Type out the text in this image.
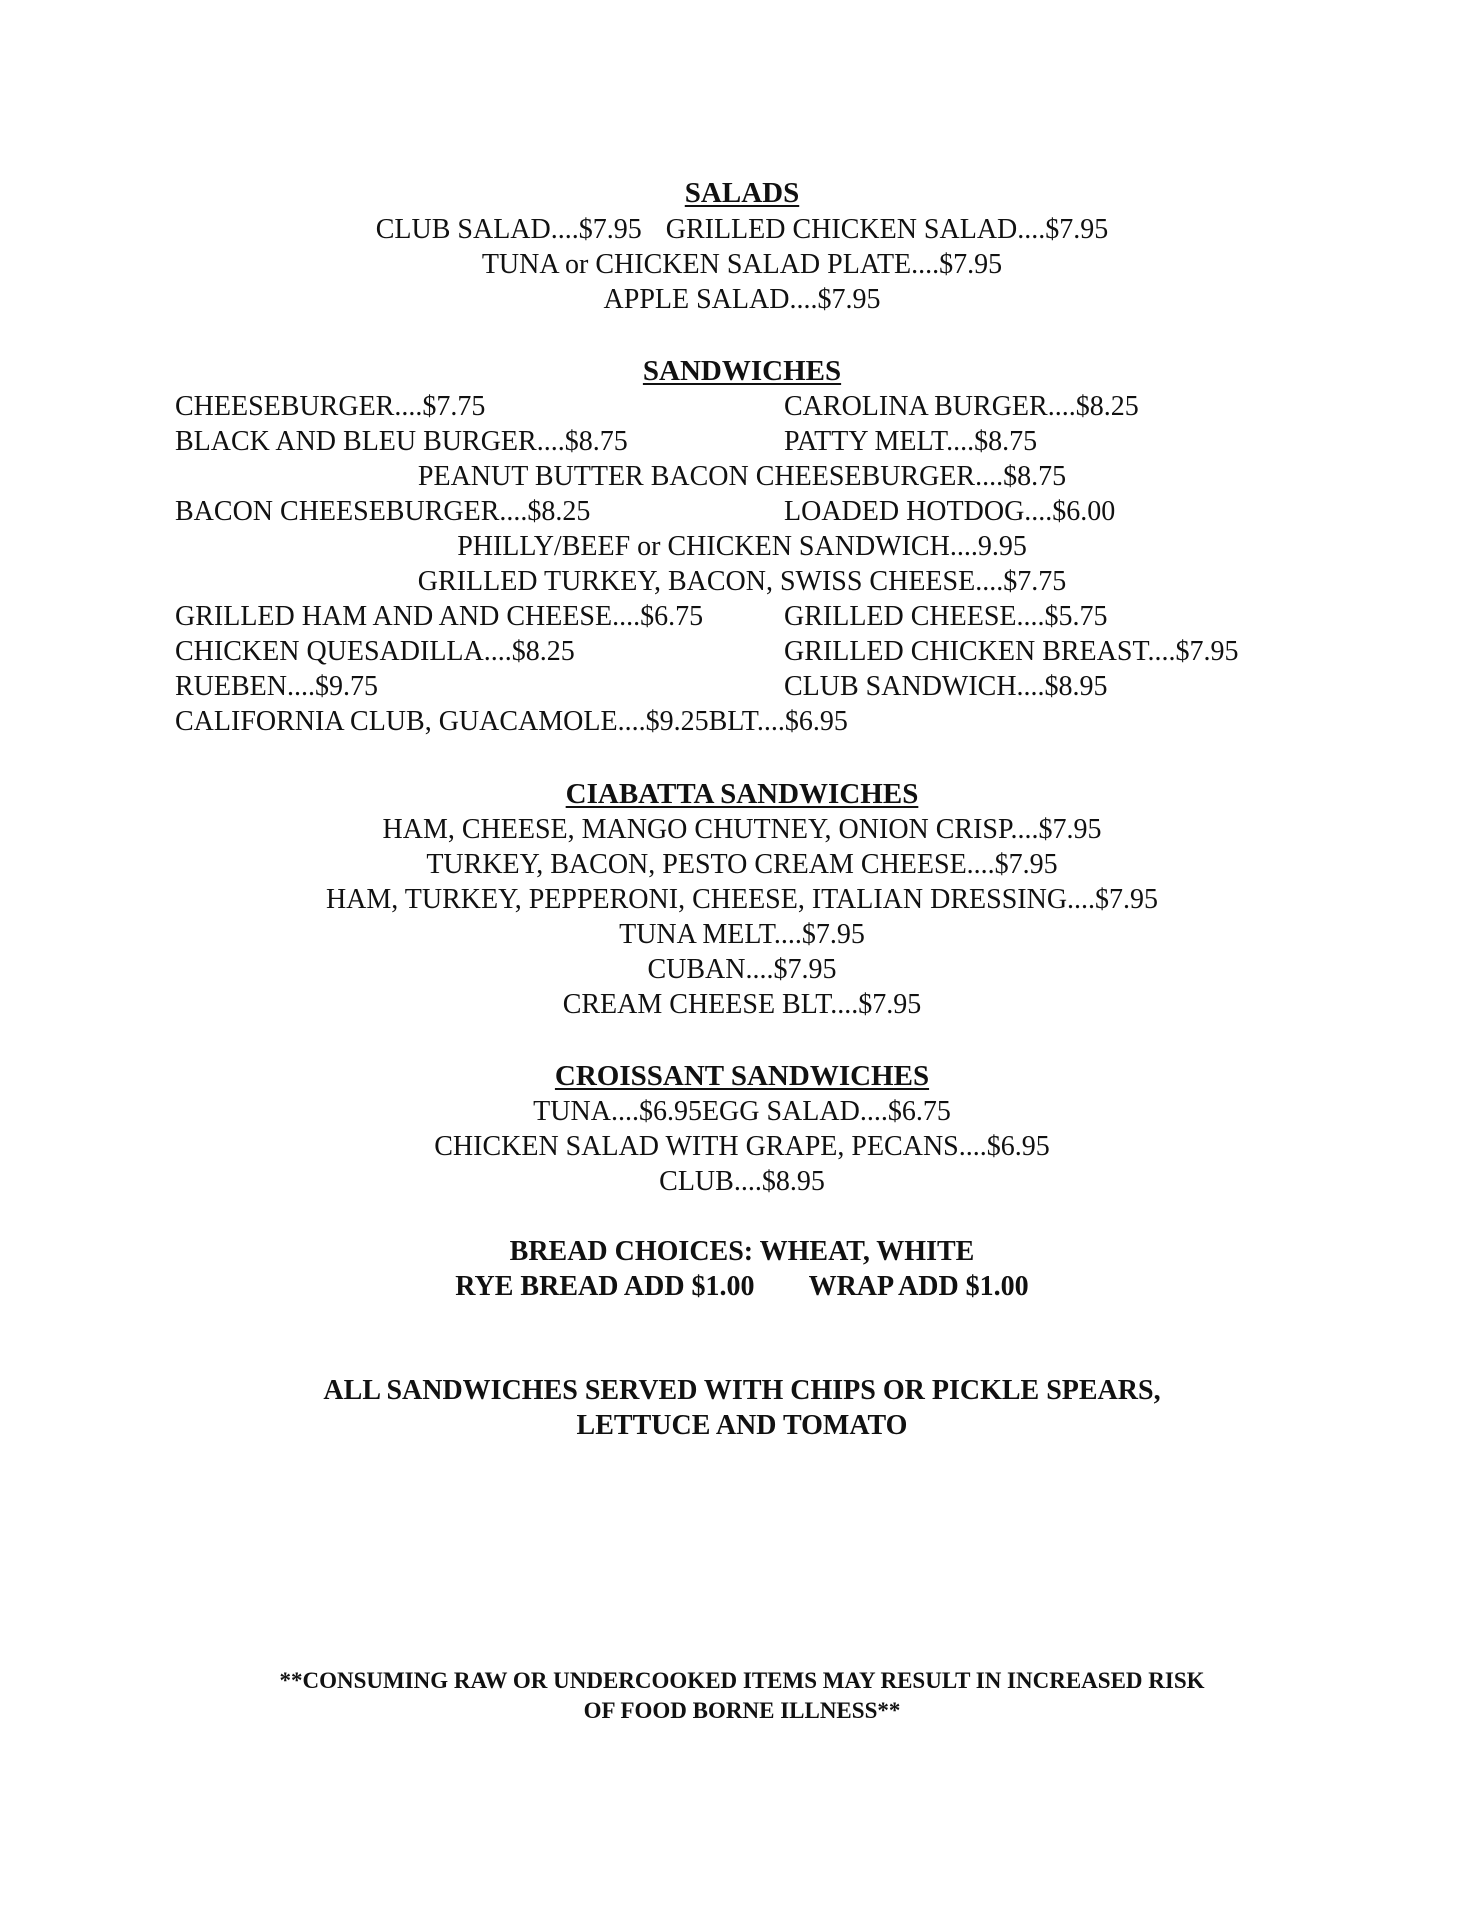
SALADS
CLUB SALAD....$7.95 GRILLED CHICKEN SALAD....$7.95
TUNA or CHICKEN SALAD PLATE....$7.95
APPLE SALAD....$7.95
SANDWICHES
CHEESEBURGER....$7.75	CAROLINA BURGER....$8.25
BLACK AND BLEU BURGER....$8.75	PATTY MELT....$8.75
PEANUT BUTTER BACON CHEESEBURGER....$8.75
BACON CHEESEBURGER....$8.25	LOADED HOTDOG....$6.00
PHILLY/BEEF or CHICKEN SANDWICH....9.95
GRILLED TURKEY, BACON, SWISS CHEESE....$7.75
GRILLED HAM AND AND CHEESE....$6.75	GRILLED CHEESE....$5.75
CHICKEN QUESADILLA....$8.25	GRILLED CHICKEN BREAST....$7.95
RUEBEN....$9.75	CLUB SANDWICH....$8.95
CALIFORNIA CLUB, GUACAMOLE....$9.25BLT....$6.95
CIABATTA SANDWICHES
HAM, CHEESE, MANGO CHUTNEY, ONION CRISP....$7.95
TURKEY, BACON, PESTO CREAM CHEESE....$7.95
HAM, TURKEY, PEPPERONI, CHEESE, ITALIAN DRESSING....$7.95
TUNA MELT....$7.95
CUBAN....$7.95
CREAM CHEESE BLT....$7.95
CROISSANT SANDWICHES
TUNA....$6.95EGG SALAD....$6.75
CHICKEN SALAD WITH GRAPE, PECANS....$6.95
CLUB....$8.95
BREAD CHOICES: WHEAT, WHITE
RYE BREAD ADD $1.00 WRAP ADD $1.00
ALL SANDWICHES SERVED WITH CHIPS OR PICKLE SPEARS,
LETTUCE AND TOMATO
**CONSUMING RAW OR UNDERCOOKED ITEMS MAY RESULT IN INCREASED RISK
OF FOOD BORNE ILLNESS**
